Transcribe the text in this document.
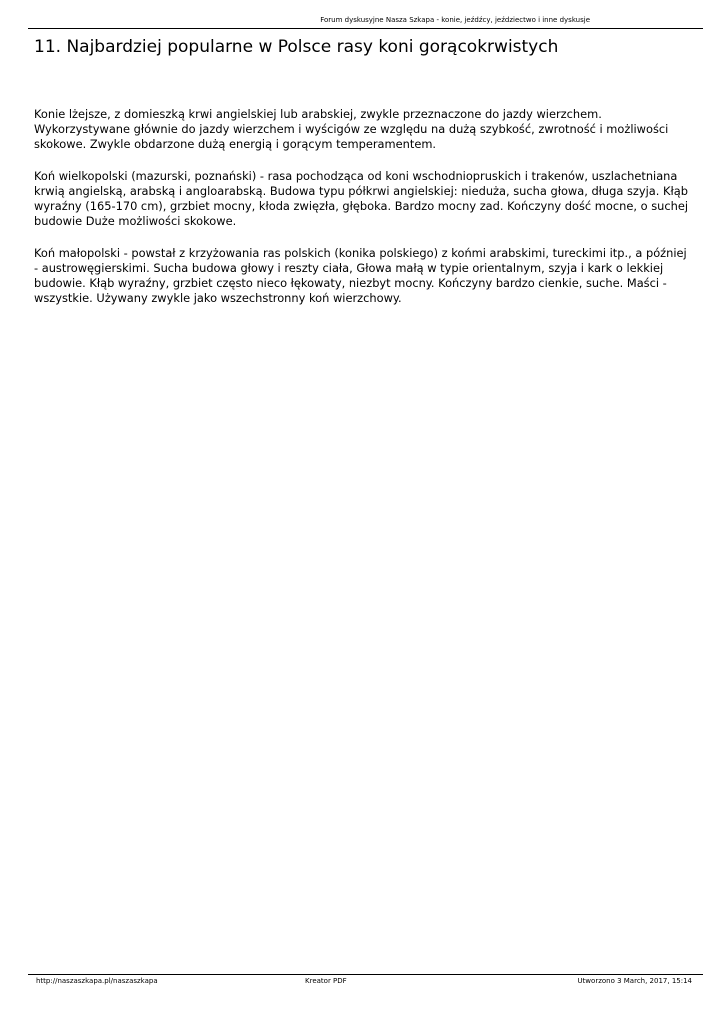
Forum dyskusyjne Nasza Szkapa - konie, jeźdźcy, jeździectwo i inne dyskusje
11. Najbardziej popularne w Polsce rasy koni gorącokrwistych

Konie lżejsze, z domieszką krwi angielskiej lub arabskiej, zwykle przeznaczone do jazdy wierzchem. Wykorzystywane głównie do jazdy wierzchem i wyścigów ze względu na dużą szybkość, zwrotność i możliwości skokowe. Zwykle obdarzone dużą energią i gorącym temperamentem.

Koń wielkopolski (mazurski, poznański) - rasa pochodząca od koni wschodniopruskich i trakenów, uszlachetniana krwią angielską, arabską i angloarabską. Budowa typu półkrwi angielskiej: nieduża, sucha głowa, długa szyja. Kłąb wyraźny (165-170 cm), grzbiet mocny, kłoda zwięzła, głęboka. Bardzo mocny zad. Kończyny dość mocne, o suchej budowie Duże możliwości skokowe.

Koń małopolski - powstał z krzyżowania ras polskich (konika polskiego) z końmi arabskimi, tureckimi itp., a później - austrowęgierskimi. Sucha budowa głowy i reszty ciała, Głowa małą w typie orientalnym, szyja i kark o lekkiej budowie. Kłąb wyraźny, grzbiet często nieco łękowaty, niezbyt mocny. Kończyny bardzo cienkie, suche. Maści - wszystkie. Używany zwykle jako wszechstronny koń wierzchowy.

http://naszaszkapa.pl/naszaszkapa	Kreator PDF	Utworzono 3 March, 2017, 15:14
